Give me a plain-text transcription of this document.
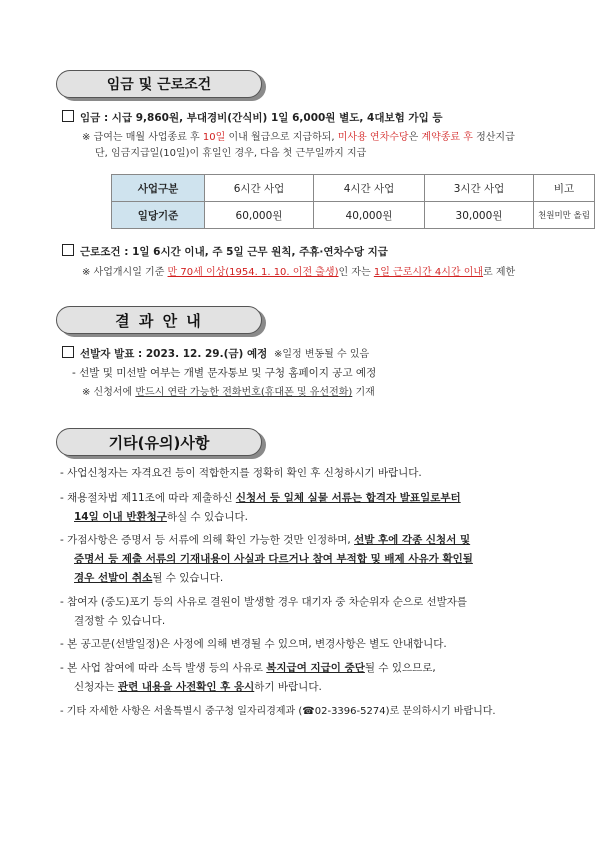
임금 및 근로조건
임금 : 시급 9,860원, 부대경비(간식비) 1일 6,000원 별도, 4대보험 가입 등
※ 급여는 매월 사업종료 후 10일 이내 월급으로 지급하되, 미사용 연차수당은 계약종료 후 정산지급
단, 임금지급일(10일)이 휴일인 경우, 다음 첫 근무일까지 지급
사업구분	6시간 사업	4시간 사업	3시간 사업	비고
일당기준	60,000원	40,000원	30,000원	천원미만 올림
근로조건 : 1일 6시간 이내, 주 5일 근무 원칙, 주휴·연차수당 지급
※ 사업개시일 기준 만 70세 이상(1954. 1. 10. 이전 출생)인 자는 1일 근로시간 4시간 이내로 제한
결 과 안 내
선발자 발표 : 2023. 12. 29.(금) 예정 ※일정 변동될 수 있음
- 선발 및 미선발 여부는 개별 문자통보 및 구청 홈페이지 공고 예정
※ 신청서에 반드시 연락 가능한 전화번호(휴대폰 및 유선전화) 기재
기타(유의)사항
- 사업신청자는 자격요건 등이 적합한지를 정확히 확인 후 신청하시기 바랍니다.
- 채용절차법 제11조에 따라 제출하신 신청서 등 일체 실물 서류는 합격자 발표일로부터
14일 이내 반환청구하실 수 있습니다.
- 가점사항은 증명서 등 서류에 의해 확인 가능한 것만 인정하며, 선발 후에 각종 신청서 및
증명서 등 제출 서류의 기재내용이 사실과 다르거나 참여 부적합 및 배제 사유가 확인될
경우 선발이 취소될 수 있습니다.
- 참여자 (중도)포기 등의 사유로 결원이 발생할 경우 대기자 중 차순위자 순으로 선발자를
결정할 수 있습니다.
- 본 공고문(선발일정)은 사정에 의해 변경될 수 있으며, 변경사항은 별도 안내합니다.
- 본 사업 참여에 따라 소득 발생 등의 사유로 복지급여 지급이 중단될 수 있으므로,
신청자는 관련 내용을 사전확인 후 응시하기 바랍니다.
- 기타 자세한 사항은 서울특별시 중구청 일자리경제과 (☎02-3396-5274)로 문의하시기 바랍니다.
